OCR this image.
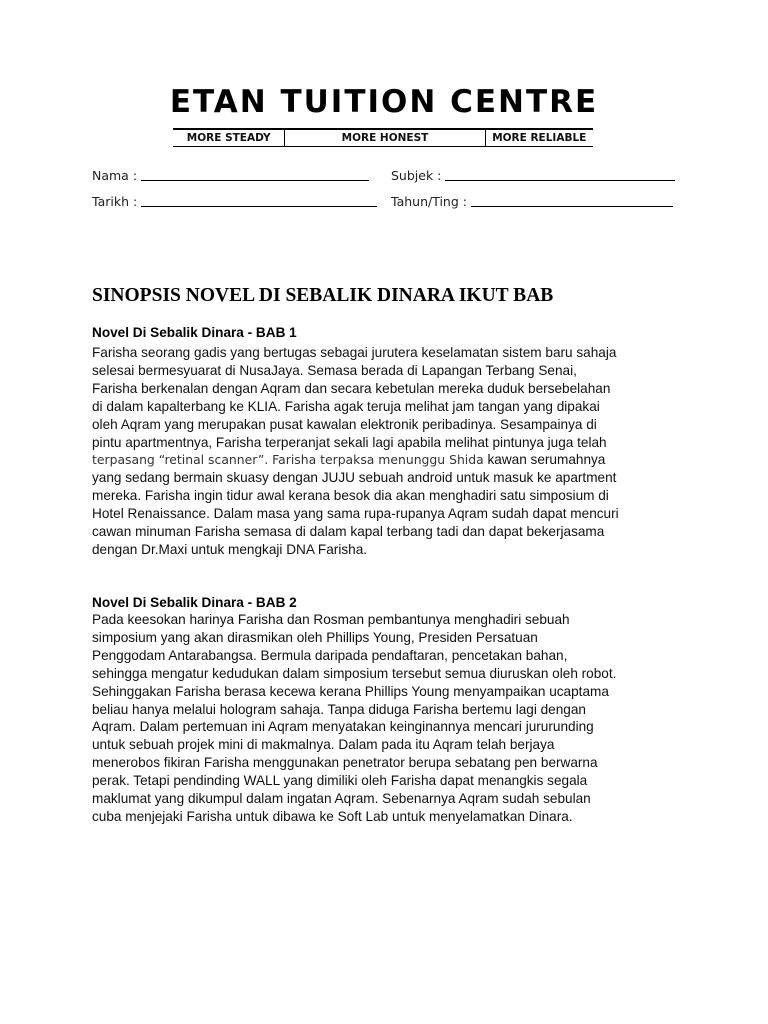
ETAN TUITION CENTRE
MORE STEADY	MORE HONEST	MORE RELIABLE
Nama :	Subjek :
Tarikh :	Tahun/Ting :
SINOPSIS NOVEL DI SEBALIK DINARA IKUT BAB
Novel Di Sebalik Dinara - BAB 1
Farisha seorang gadis yang bertugas sebagai jurutera keselamatan sistem baru sahaja
selesai bermesyuarat di NusaJaya. Semasa berada di Lapangan Terbang Senai,
Farisha berkenalan dengan Aqram dan secara kebetulan mereka duduk bersebelahan
di dalam kapalterbang ke KLIA. Farisha agak teruja melihat jam tangan yang dipakai
oleh Aqram yang merupakan pusat kawalan elektronik peribadinya. Sesampainya di
pintu apartmentnya, Farisha terperanjat sekali lagi apabila melihat pintunya juga telah
terpasang “retinal scanner”. Farisha terpaksa menunggu Shida kawan serumahnya
yang sedang bermain skuasy dengan JUJU sebuah android untuk masuk ke apartment
mereka. Farisha ingin tidur awal kerana besok dia akan menghadiri satu simposium di
Hotel Renaissance. Dalam masa yang sama rupa-rupanya Aqram sudah dapat mencuri
cawan minuman Farisha semasa di dalam kapal terbang tadi dan dapat bekerjasama
dengan Dr.Maxi untuk mengkaji DNA Farisha.
Novel Di Sebalik Dinara - BAB 2
Pada keesokan harinya Farisha dan Rosman pembantunya menghadiri sebuah
simposium yang akan dirasmikan oleh Phillips Young, Presiden Persatuan
Penggodam Antarabangsa. Bermula daripada pendaftaran, pencetakan bahan,
sehingga mengatur kedudukan dalam simposium tersebut semua diuruskan oleh robot.
Sehinggakan Farisha berasa kecewa kerana Phillips Young menyampaikan ucaptama
beliau hanya melalui hologram sahaja. Tanpa diduga Farisha bertemu lagi dengan
Aqram. Dalam pertemuan ini Aqram menyatakan keinginannya mencari jururunding
untuk sebuah projek mini di makmalnya. Dalam pada itu Aqram telah berjaya
menerobos fikiran Farisha menggunakan penetrator berupa sebatang pen berwarna
perak. Tetapi pendinding WALL yang dimiliki oleh Farisha dapat menangkis segala
maklumat yang dikumpul dalam ingatan Aqram. Sebenarnya Aqram sudah sebulan
cuba menjejaki Farisha untuk dibawa ke Soft Lab untuk menyelamatkan Dinara.
